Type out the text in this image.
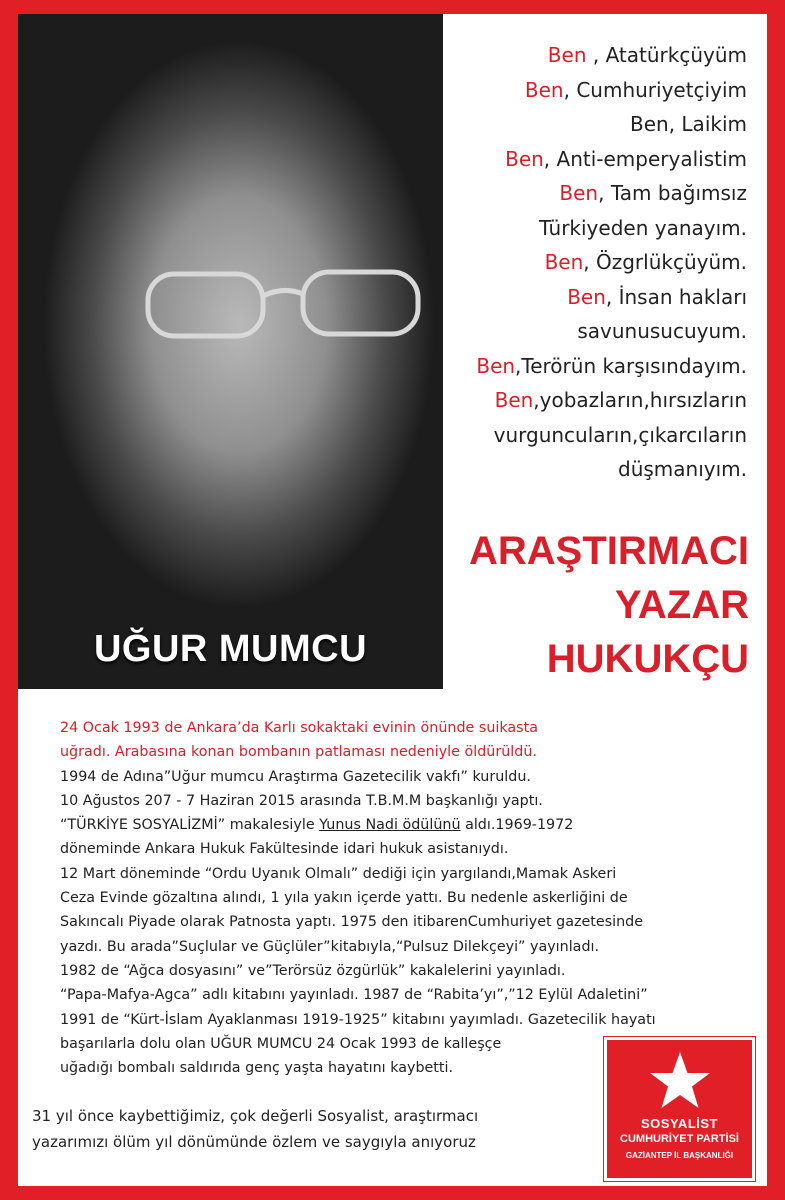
UĞUR MUMCU
Ben , Atatürkçüyüm
Ben, Cumhuriyetçiyim
Ben, Laikim
Ben, Anti-emperyalistim
Ben, Tam bağımsız
Türkiyeden yanayım.
Ben, Özgrlükçüyüm.
Ben, İnsan hakları
savunusucuyum.
Ben,Terörün karşısındayım.
Ben,yobazların,hırsızların
vurguncuların,çıkarcıların
düşmanıyım.
ARAŞTIRMACI
YAZAR
HUKUKÇU

24 Ocak 1993 de Ankara’da Karlı sokaktaki evinin önünde suikasta

uğradı. Arabasına konan bombanın patlaması nedeniyle öldürüldü.

1994 de Adına”Uğur mumcu Araştırma Gazetecilik vakfı” kuruldu.

10 Ağustos 207 - 7 Haziran 2015 arasında T.B.M.M başkanlığı yaptı.

“TÜRKİYE SOSYALİZMİ” makalesiyle Yunus Nadi ödülünü aldı.1969-1972

döneminde Ankara Hukuk Fakültesinde idari hukuk asistanıydı.

12 Mart döneminde “Ordu Uyanık Olmalı” dediği için yargılandı,Mamak Askeri

Ceza Evinde gözaltına alındı, 1 yıla yakın içerde yattı. Bu nedenle askerliğini de

Sakıncalı Piyade olarak Patnosta yaptı. 1975 den itibarenCumhuriyet gazetesinde

yazdı. Bu arada”Suçlular ve Güçlüler”kitabıyla,“Pulsuz Dilekçeyi” yayınladı.

1982 de “Ağca dosyasını” ve”Terörsüz özgürlük” kakalelerini yayınladı.

“Papa-Mafya-Agca” adlı kitabını yayınladı. 1987 de “Rabita’yı”,”12 Eylül Adaletini”

1991 de “Kürt-İslam Ayaklanması 1919-1925” kitabını yayımladı. Gazetecilik hayatı

başarılarla dolu olan UĞUR MUMCU 24 Ocak 1993 de kalleşçe

uğadığı bombalı saldırıda genç yaşta hayatını kaybetti.

31 yıl önce kaybettiğimiz, çok değerli Sosyalist, araştırmacı

yazarımızı ölüm yıl dönümünde özlem ve saygıyla anıyoruz

SOSYALİST
CUMHURİYET PARTİSİ
GAZİANTEP İL BAŞKANLIĞI
